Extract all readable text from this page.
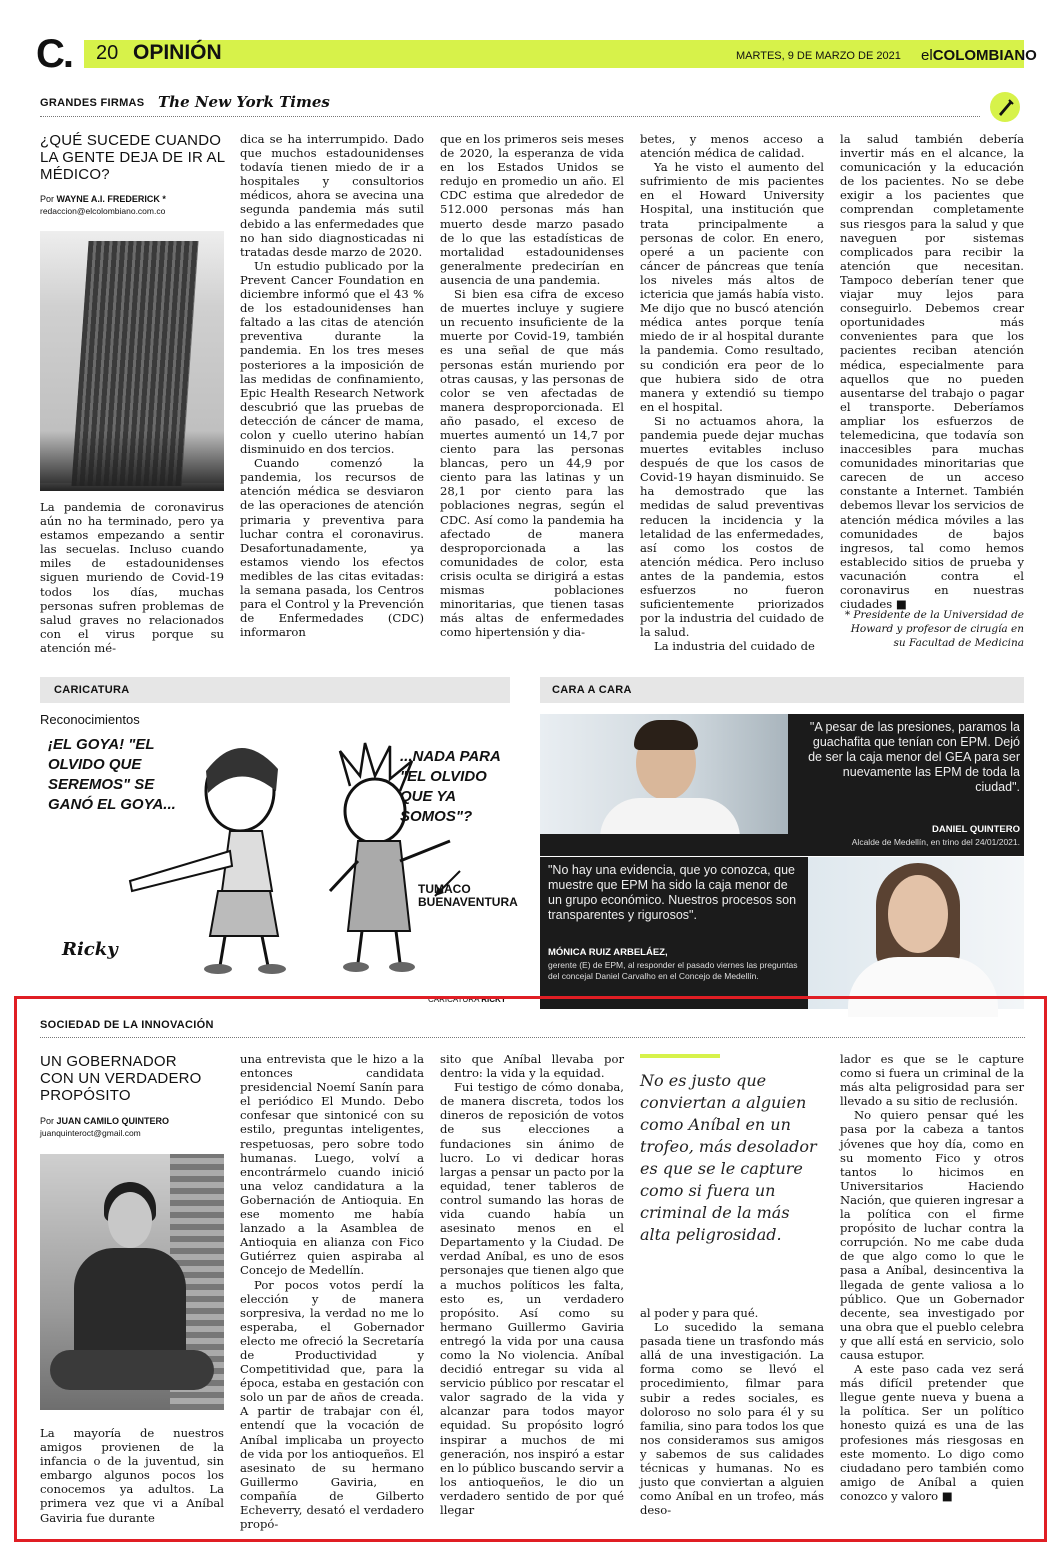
C. 20 OPINIÓN	MARTES, 9 DE MARZO DE 2021 elCOLOMBIANO
GRANDES FIRMAS The New York Times
¿QUÉ SUCEDE CUANDO LA GENTE DEJA DE IR AL MÉDICO?
Por WAYNE A.I. FREDERICK *
redaccion@elcolombiano.com.co

La pandemia de coronavirus aún no ha terminado, pero ya estamos empezando a sentir las secuelas. Incluso cuando miles de estadounidenses siguen muriendo de Covid-19 todos los días, muchas personas sufren problemas de salud graves no relacionados con el virus porque su atención mé-

dica se ha interrumpido. Dado que muchos estadounidenses todavía tienen miedo de ir a hospitales y consultorios médicos, ahora se avecina una segunda pandemia más sutil debido a las enfermedades que no han sido diagnosticadas ni tratadas desde marzo de 2020.

Un estudio publicado por la Prevent Cancer Foundation en diciembre informó que el 43 % de los estadounidenses han faltado a las citas de atención preventiva durante la pandemia. En los tres meses posteriores a la imposición de las medidas de confinamiento, Epic Health Research Network descubrió que las pruebas de detección de cáncer de mama, colon y cuello uterino habían disminuido en dos tercios.

Cuando comenzó la pandemia, los recursos de atención médica se desviaron de las operaciones de atención primaria y preventiva para luchar contra el coronavirus. Desafortunadamente, ya estamos viendo los efectos medibles de las citas evitadas: la semana pasada, los Centros para el Control y la Prevención de Enfermedades (CDC) informaron

que en los primeros seis meses de 2020, la esperanza de vida en los Estados Unidos se redujo en promedio un año. El CDC estima que alrededor de 512.000 personas más han muerto desde marzo pasado de lo que las estadísticas de mortalidad estadounidenses generalmente predecirían en ausencia de una pandemia.

Si bien esa cifra de exceso de muertes incluye y sugiere un recuento insuficiente de la muerte por Covid-19, también es una señal de que más personas están muriendo por otras causas, y las personas de color se ven afectadas de manera desproporcionada. El año pasado, el exceso de muertes aumentó un 14,7 por ciento para las personas blancas, pero un 44,9 por ciento para las latinas y un 28,1 por ciento para las poblaciones negras, según el CDC. Así como la pandemia ha afectado de manera desproporcionada a las comunidades de color, esta crisis oculta se dirigirá a estas mismas poblaciones minoritarias, que tienen tasas más altas de enfermedades como hipertensión y dia-

betes, y menos acceso a atención médica de calidad.

Ya he visto el aumento del sufrimiento de mis pacientes en el Howard University Hospital, una institución que trata principalmente a personas de color. En enero, operé a un paciente con cáncer de páncreas que tenía los niveles más altos de ictericia que jamás había visto. Me dijo que no buscó atención médica antes porque tenía miedo de ir al hospital durante la pandemia. Como resultado, su condición era peor de lo que hubiera sido de otra manera y extendió su tiempo en el hospital.

Si no actuamos ahora, la pandemia puede dejar muchas muertes evitables incluso después de que los casos de Covid-19 hayan disminuido. Se ha demostrado que las medidas de salud preventivas reducen la incidencia y la letalidad de las enfermedades, así como los costos de atención médica. Pero incluso antes de la pandemia, estos esfuerzos no fueron suficientemente priorizados por la industria del cuidado de la salud.

La industria del cuidado de

la salud también debería invertir más en el alcance, la comunicación y la educación de los pacientes. No se debe exigir a los pacientes que comprendan completamente sus riesgos para la salud y que naveguen por sistemas complicados para recibir la atención que necesitan. Tampoco deberían tener que viajar muy lejos para conseguirlo. Debemos crear oportunidades más convenientes para que los pacientes reciban atención médica, especialmente para aquellos que no pueden ausentarse del trabajo o pagar el transporte. Deberíamos ampliar los esfuerzos de telemedicina, que todavía son inaccesibles para muchas comunidades minoritarias que carecen de un acceso constante a Internet. También debemos llevar los servicios de atención médica móviles a las comunidades de bajos ingresos, tal como hemos establecido sitios de prueba y vacunación contra el coronavirus en nuestras ciudades ■

* Presidente de la Universidad de Howard y profesor de cirugía en su Facultad de Medicina
CARICATURA
Reconocimientos
¡EL GOYA! "EL OLVIDO QUE SEREMOS" SE GANÓ EL GOYA...
...NADA PARA "EL OLVIDO QUE YA SOMOS"?
TUMACO BUENAVENTURA
Ricky
CARICATURA RICKY
CARA A CARA
"A pesar de las presiones, paramos la guachafita que tenían con EPM. Dejó de ser la caja menor del GEA para ser nuevamente las EPM de toda la ciudad".
DANIEL QUINTERO
Alcalde de Medellín, en trino del 24/01/2021.
"No hay una evidencia, que yo conozca, que muestre que EPM ha sido la caja menor de un grupo económico. Nuestros procesos son transparentes y rigurosos".
MÓNICA RUIZ ARBELÁEZ,
gerente (E) de EPM, al responder el pasado viernes las preguntas del concejal Daniel Carvalho en el Concejo de Medellín.
SOCIEDAD DE LA INNOVACIÓN
UN GOBERNADOR CON UN VERDADERO PROPÓSITO
Por JUAN CAMILO QUINTERO
juanquinteroct@gmail.com

La mayoría de nuestros amigos provienen de la infancia o de la juventud, sin embargo algunos pocos los conocemos ya adultos. La primera vez que vi a Aníbal Gaviria fue durante

una entrevista que le hizo a la entonces candidata presidencial Noemí Sanín para el periódico El Mundo. Debo confesar que sintonicé con su estilo, preguntas inteligentes, respetuosas, pero sobre todo humanas. Luego, volví a encontrármelo cuando inició una veloz candidatura a la Gobernación de Antioquia. En ese momento me había lanzado a la Asamblea de Antioquia en alianza con Fico Gutiérrez quien aspiraba al Concejo de Medellín.

Por pocos votos perdí la elección y de manera sorpresiva, la verdad no me lo esperaba, el Gobernador electo me ofreció la Secretaría de Productividad y Competitividad que, para la época, estaba en gestación con solo un par de años de creada. A partir de trabajar con él, entendí que la vocación de Aníbal implicaba un proyecto de vida por los antioqueños. El asesinato de su hermano Guillermo Gaviria, en compañía de Gilberto Echeverry, desató el verdadero propó-

sito que Aníbal llevaba por dentro: la vida y la equidad.

Fui testigo de cómo donaba, de manera discreta, todos los dineros de reposición de votos de sus elecciones a fundaciones sin ánimo de lucro. Lo vi dedicar horas largas a pensar un pacto por la equidad, tener tableros de control sumando las horas de vida cuando había un asesinato menos en el Departamento y la Ciudad. De verdad Aníbal, es uno de esos personajes que tienen algo que a muchos políticos les falta, esto es, un verdadero propósito. Así como su hermano Guillermo Gaviria entregó la vida por una causa como la No violencia. Aníbal decidió entregar su vida al servicio público por rescatar el valor sagrado de la vida y alcanzar para todos mayor equidad. Su propósito logró inspirar a muchos de mi generación, nos inspiró a estar en lo público buscando servir a los antioqueños, le dio un verdadero sentido de por qué llegar

No es justo que conviertan a alguien como Aníbal en un trofeo, más desolador es que se le capture como si fuera un criminal de la más alta peligrosidad.

al poder y para qué.

Lo sucedido la semana pasada tiene un trasfondo más allá de una investigación. La forma como se llevó el procedimiento, filmar para subir a redes sociales, es doloroso no solo para él y su familia, sino para todos los que nos consideramos sus amigos y sabemos de sus calidades técnicas y humanas. No es justo que conviertan a alguien como Aníbal en un trofeo, más deso-

lador es que se le capture como si fuera un criminal de la más alta peligrosidad para ser llevado a su sitio de reclusión.

No quiero pensar qué les pasa por la cabeza a tantos jóvenes que hoy día, como en su momento Fico y otros tantos lo hicimos en Universitarios Haciendo Nación, que quieren ingresar a la política con el firme propósito de luchar contra la corrupción. No me cabe duda de que algo como lo que le pasa a Aníbal, desincentiva la llegada de gente valiosa a lo público. Que un Gobernador decente, sea investigado por una obra que el pueblo celebra y que allí está en servicio, solo causa estupor.

A este paso cada vez será más difícil pretender que llegue gente nueva y buena a la política. Ser un político honesto quizá es una de las profesiones más riesgosas en este momento. Lo digo como ciudadano pero también como amigo de Aníbal a quien conozco y valoro ■
